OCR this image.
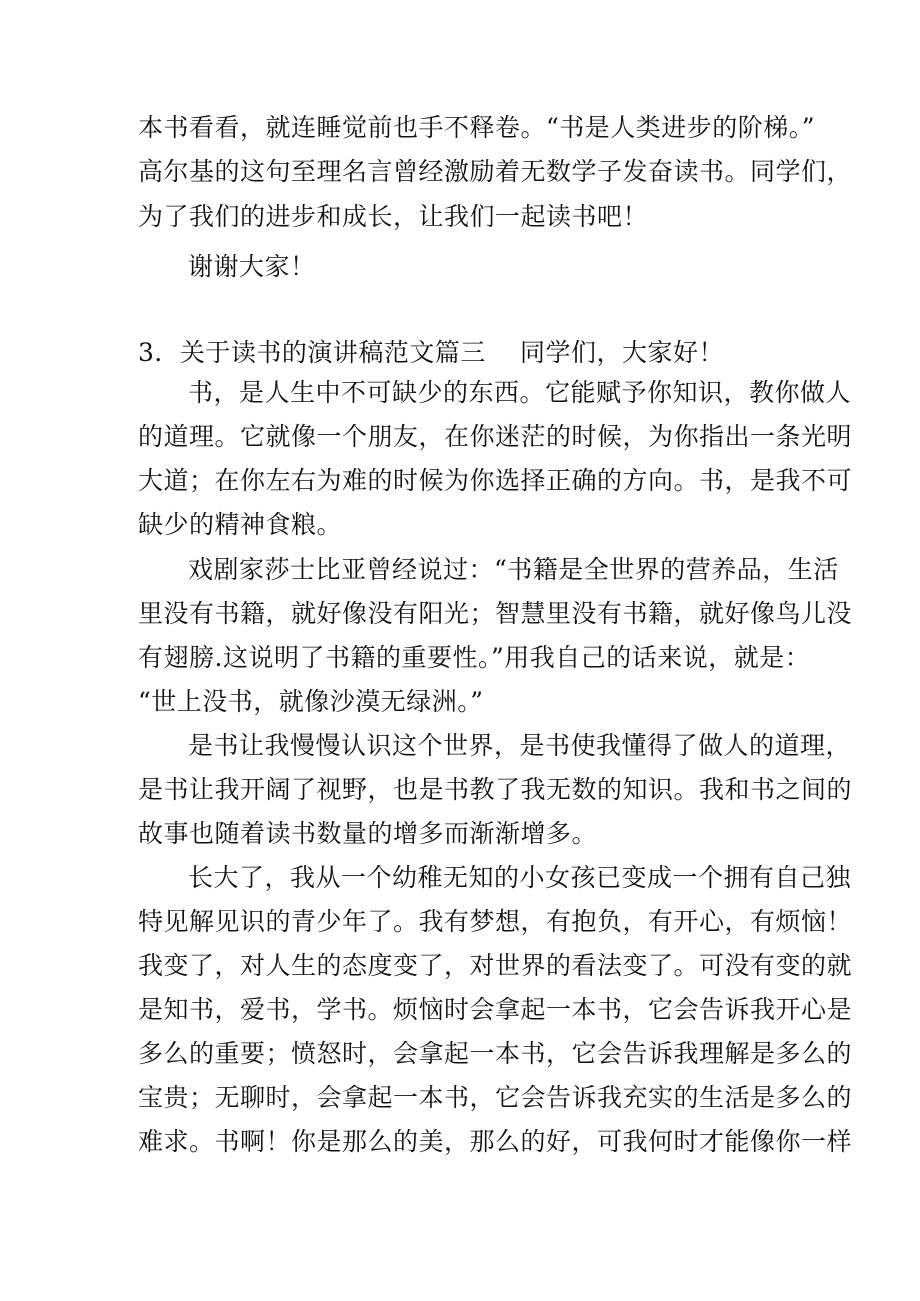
本书看看，就连睡觉前也手不释卷。“书是人类进步的阶梯。”
高尔基的这句至理名言曾经激励着无数学子发奋读书。同学们，
为了我们的进步和成长，让我们一起读书吧！
谢谢大家！
3．关于读书的演讲稿范文篇三 同学们，大家好！
书，是人生中不可缺少的东西。它能赋予你知识，教你做人
的道理。它就像一个朋友，在你迷茫的时候，为你指出一条光明
大道；在你左右为难的时候为你选择正确的方向。书，是我不可
缺少的精神食粮。
戏剧家莎士比亚曾经说过：“书籍是全世界的营养品，生活
里没有书籍，就好像没有阳光；智慧里没有书籍，就好像鸟儿没
有翅膀.这说明了书籍的重要性。”用我自己的话来说，就是：
“世上没书，就像沙漠无绿洲。”
是书让我慢慢认识这个世界，是书使我懂得了做人的道理，
是书让我开阔了视野，也是书教了我无数的知识。我和书之间的
故事也随着读书数量的增多而渐渐增多。
长大了，我从一个幼稚无知的小女孩已变成一个拥有自己独
特见解见识的青少年了。我有梦想，有抱负，有开心，有烦恼！
我变了，对人生的态度变了，对世界的看法变了。可没有变的就
是知书，爱书，学书。烦恼时会拿起一本书，它会告诉我开心是
多么的重要；愤怒时，会拿起一本书，它会告诉我理解是多么的
宝贵；无聊时，会拿起一本书，它会告诉我充实的生活是多么的
难求。书啊！你是那么的美，那么的好，可我何时才能像你一样
